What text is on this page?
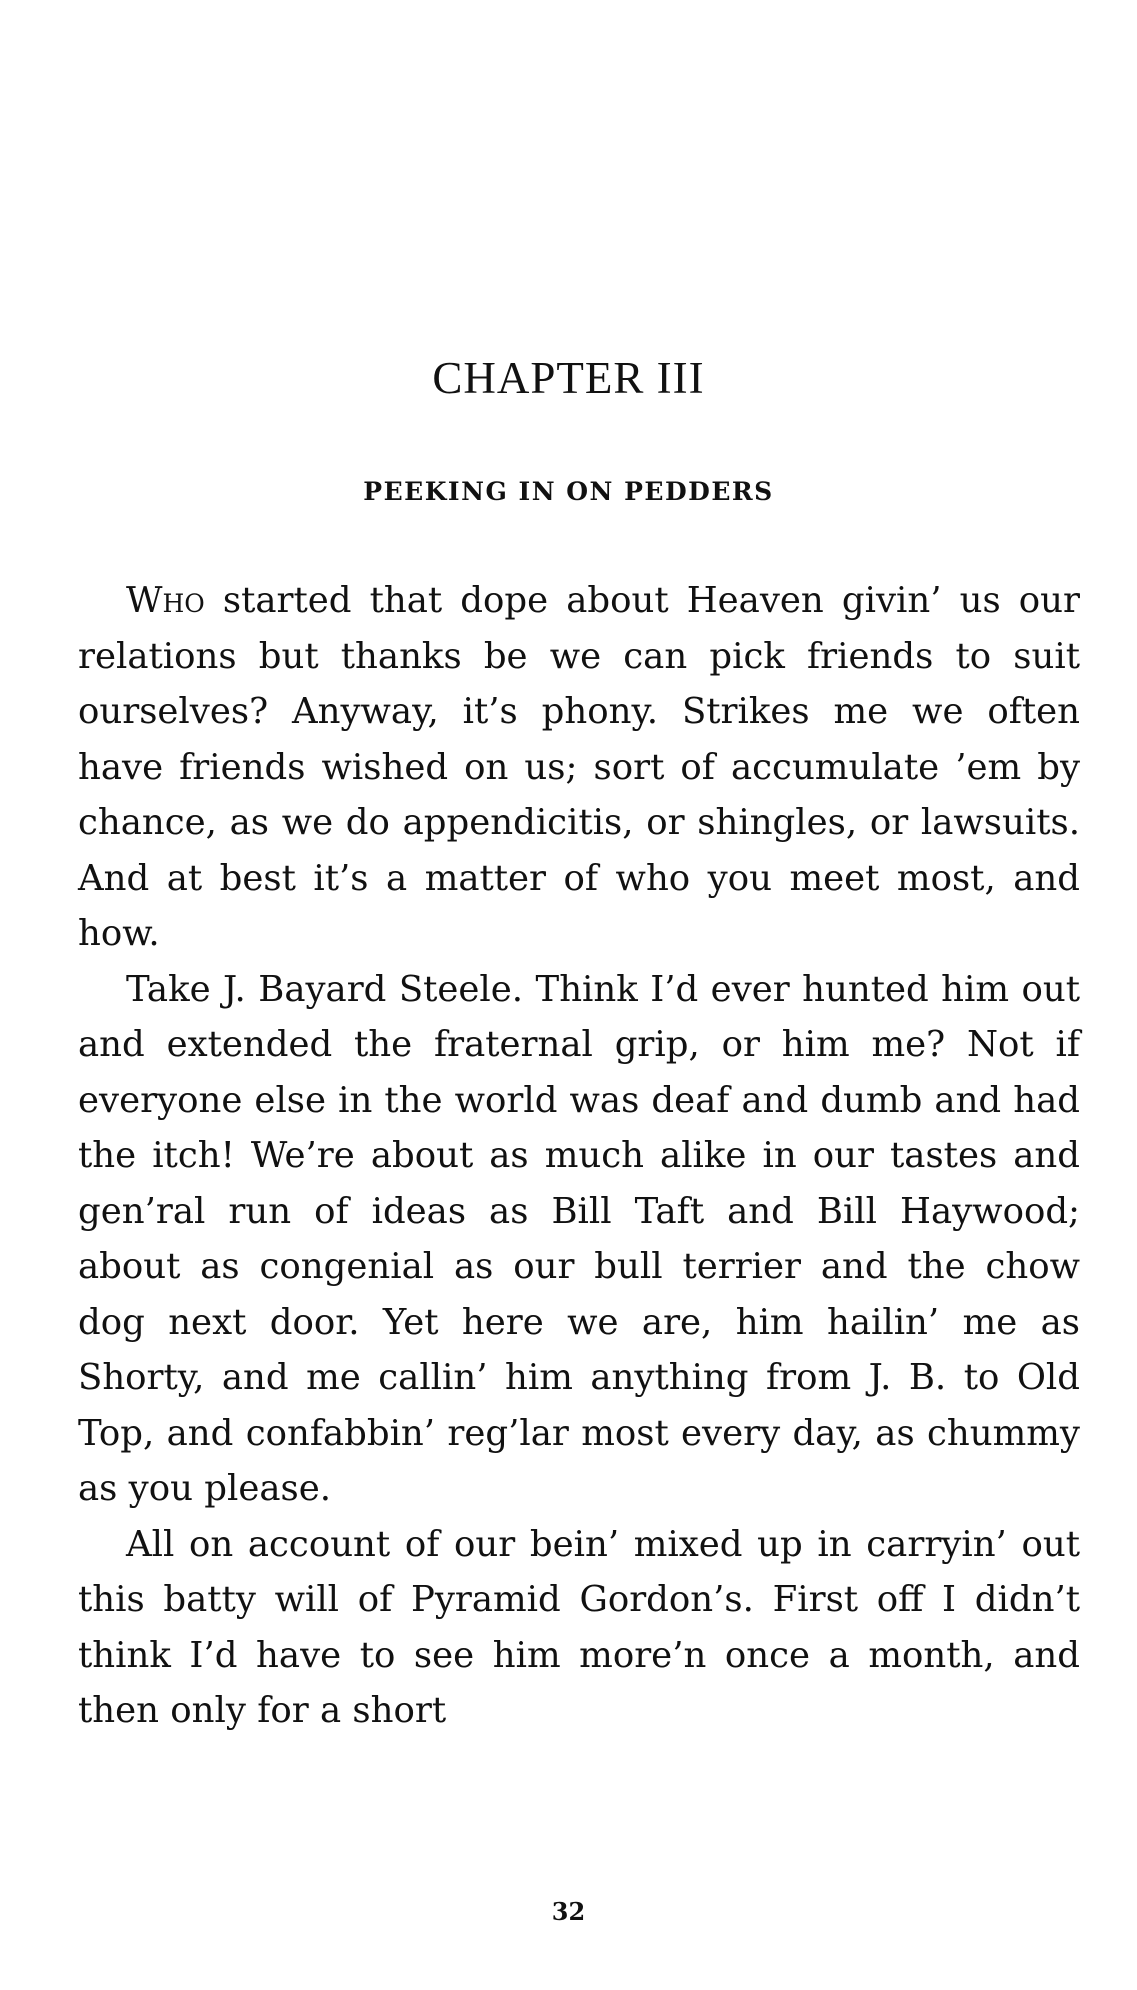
CHAPTER III
PEEKING IN ON PEDDERS

Who started that dope about Heaven givin’ us our relations but thanks be we can pick friends to suit ourselves? Anyway, it’s phony. Strikes me we often have friends wished on us; sort of accumulate ’em by chance, as we do appendicitis, or shingles, or lawsuits. And at best it’s a matter of who you meet most, and how.

Take J. Bayard Steele. Think I’d ever hunted him out and extended the fraternal grip, or him me? Not if everyone else in the world was deaf and dumb and had the itch! We’re about as much alike in our tastes and gen’ral run of ideas as Bill Taft and Bill Haywood; about as congenial as our bull terrier and the chow dog next door. Yet here we are, him hailin’ me as Shorty, and me callin’ him anything from J. B. to Old Top, and confabbin’ reg’lar most every day, as chummy as you please.

All on account of our bein’ mixed up in carryin’ out this batty will of Pyramid Gordon’s. First off I didn’t think I’d have to see him more’n once a month, and then only for a short

32
